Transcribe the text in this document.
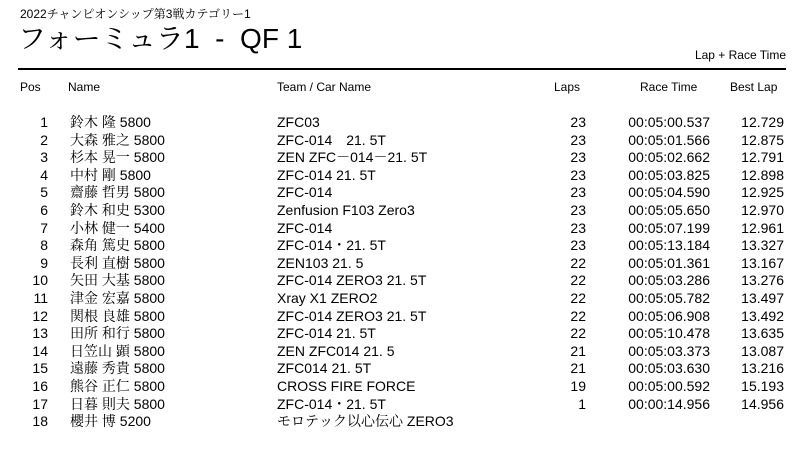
2022チャンピオンシップ第3戦カテゴリー1
フォーミュラ1  -  QF 1
Lap + Race Time
Pos Name	Team / Car Name	Laps	Race Time	Best Lap
1 鈴木 隆 5800	ZFC03	23	00:05:00.537	12.729
2 大森 雅之 5800	ZFC-014　21. 5T	23	00:05:01.566	12.875
3 杉本 晃一 5800	ZEN ZFC－014－21. 5T	23	00:05:02.662	12.791
4 中村 剛 5800	ZFC-014 21. 5T	23	00:05:03.825	12.898
5 齋藤 哲男 5800	ZFC-014	23	00:05:04.590	12.925
6 鈴木 和史 5300	Zenfusion F103 Zero3	23	00:05:05.650	12.970
7 小林 健一 5400	ZFC-014	23	00:05:07.199	12.961
8 森角 篤史 5800	ZFC-014・21. 5T	23	00:05:13.184	13.327
9 長利 直樹 5800	ZEN103 21. 5	22	00:05:01.361	13.167
10 矢田 大基 5800	ZFC-014 ZERO3 21. 5T	22	00:05:03.286	13.276
11 津金 宏嘉 5800	Xray X1 ZERO2	22	00:05:05.782	13.497
12 関根 良雄 5800	ZFC-014 ZERO3 21. 5T	22	00:05:06.908	13.492
13 田所 和行 5800	ZFC-014 21. 5T	22	00:05:10.478	13.635
14 日笠山 顕 5800	ZEN ZFC014 21. 5	21	00:05:03.373	13.087
15 遠藤 秀貴 5800	ZFC014 21. 5T	21	00:05:03.630	13.216
16 熊谷 正仁 5800	CROSS FIRE FORCE	19	00:05:00.592	15.193
17 日暮 則夫 5800	ZFC-014・21. 5T	1	00:00:14.956	14.956
18 櫻井 博 5200	モロテック以心伝心 ZERO3
